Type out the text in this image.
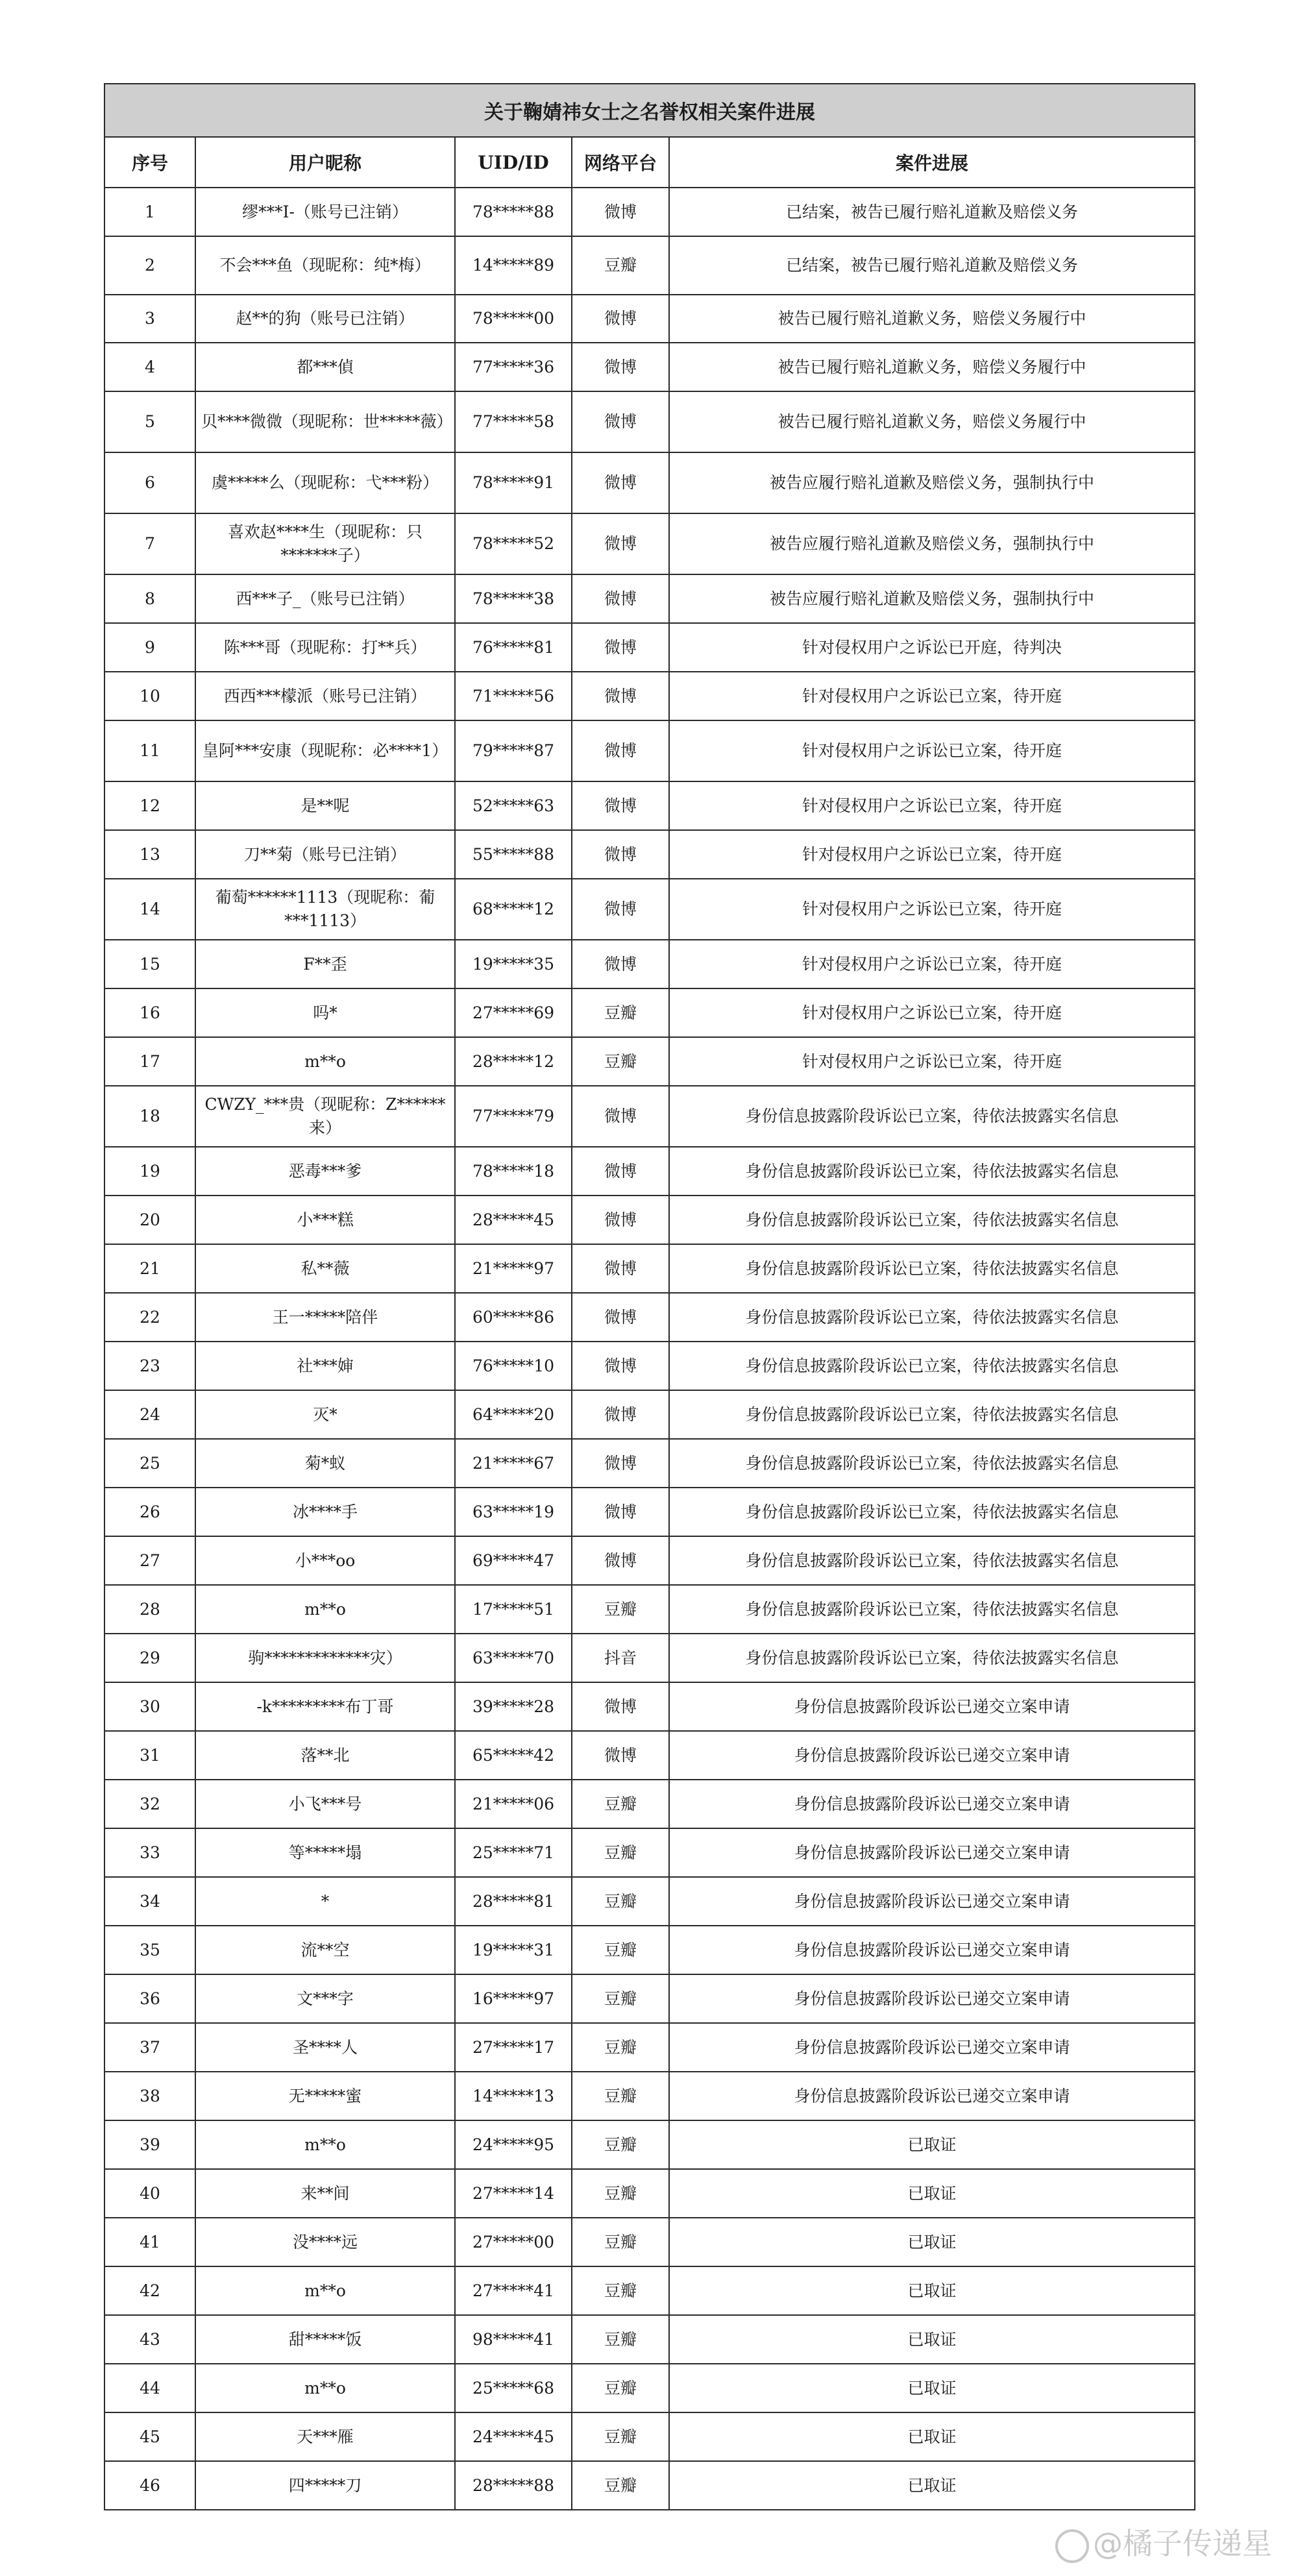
关于鞠婧祎女士之名誉权相关案件进展				
序号	用户昵称	UID/ID	网络平台	案件进展
1	缪***I-（账号已注销）	78*****88	微博	已结案，被告已履行赔礼道歉及赔偿义务
2	不会***鱼（现昵称：纯*梅）	14*****89	豆瓣	已结案，被告已履行赔礼道歉及赔偿义务
3	赵**的狗（账号已注销）	78*****00	微博	被告已履行赔礼道歉义务，赔偿义务履行中
4	都***偵	77*****36	微博	被告已履行赔礼道歉义务，赔偿义务履行中
5	贝****微微（现昵称：世*****薇）	77*****58	微博	被告已履行赔礼道歉义务，赔偿义务履行中
6	虞*****么（现昵称：弋***粉）	78*****91	微博	被告应履行赔礼道歉及赔偿义务，强制执行中
7	喜欢赵****生（现昵称：只*******子）	78*****52	微博	被告应履行赔礼道歉及赔偿义务，强制执行中
8	西***子_（账号已注销）	78*****38	微博	被告应履行赔礼道歉及赔偿义务，强制执行中
9	陈***哥（现昵称：打**兵）	76*****81	微博	针对侵权用户之诉讼已开庭，待判决
10	西西***檬派（账号已注销）	71*****56	微博	针对侵权用户之诉讼已立案，待开庭
11	皇阿***安康（现昵称：必****1）	79*****87	微博	针对侵权用户之诉讼已立案，待开庭
12	是**呢	52*****63	微博	针对侵权用户之诉讼已立案，待开庭
13	刀**菊（账号已注销）	55*****88	微博	针对侵权用户之诉讼已立案，待开庭
14	葡萄******1113（现昵称：葡***1113）	68*****12	微博	针对侵权用户之诉讼已立案，待开庭
15	F**歪	19*****35	微博	针对侵权用户之诉讼已立案，待开庭
16	吗*	27*****69	豆瓣	针对侵权用户之诉讼已立案，待开庭
17	m**o	28*****12	豆瓣	针对侵权用户之诉讼已立案，待开庭
18	CWZY_***贵（现昵称：Z******来）	77*****79	微博	身份信息披露阶段诉讼已立案，待依法披露实名信息
19	恶毒***爹	78*****18	微博	身份信息披露阶段诉讼已立案，待依法披露实名信息
20	小***糕	28*****45	微博	身份信息披露阶段诉讼已立案，待依法披露实名信息
21	私**薇	21*****97	微博	身份信息披露阶段诉讼已立案，待依法披露实名信息
22	王一*****陪伴	60*****86	微博	身份信息披露阶段诉讼已立案，待依法披露实名信息
23	社***婶	76*****10	微博	身份信息披露阶段诉讼已立案，待依法披露实名信息
24	灭*	64*****20	微博	身份信息披露阶段诉讼已立案，待依法披露实名信息
25	菊*蚁	21*****67	微博	身份信息披露阶段诉讼已立案，待依法披露实名信息
26	冰****手	63*****19	微博	身份信息披露阶段诉讼已立案，待依法披露实名信息
27	小***oo	69*****47	微博	身份信息披露阶段诉讼已立案，待依法披露实名信息
28	m**o	17*****51	豆瓣	身份信息披露阶段诉讼已立案，待依法披露实名信息
29	驹*************灾）	63*****70	抖音	身份信息披露阶段诉讼已立案，待依法披露实名信息
30	-k*********布丁哥	39*****28	微博	身份信息披露阶段诉讼已递交立案申请
31	落**北	65*****42	微博	身份信息披露阶段诉讼已递交立案申请
32	小飞***号	21*****06	豆瓣	身份信息披露阶段诉讼已递交立案申请
33	等*****塌	25*****71	豆瓣	身份信息披露阶段诉讼已递交立案申请
34	*	28*****81	豆瓣	身份信息披露阶段诉讼已递交立案申请
35	流**空	19*****31	豆瓣	身份信息披露阶段诉讼已递交立案申请
36	文***字	16*****97	豆瓣	身份信息披露阶段诉讼已递交立案申请
37	圣****人	27*****17	豆瓣	身份信息披露阶段诉讼已递交立案申请
38	无*****蜜	14*****13	豆瓣	身份信息披露阶段诉讼已递交立案申请
39	m**o	24*****95	豆瓣	已取证
40	来**间	27*****14	豆瓣	已取证
41	没****远	27*****00	豆瓣	已取证
42	m**o	27*****41	豆瓣	已取证
43	甜*****饭	98*****41	豆瓣	已取证
44	m**o	25*****68	豆瓣	已取证
45	天***雁	24*****45	豆瓣	已取证
46	四*****刀	28*****88	豆瓣	已取证
@橘子传递星
